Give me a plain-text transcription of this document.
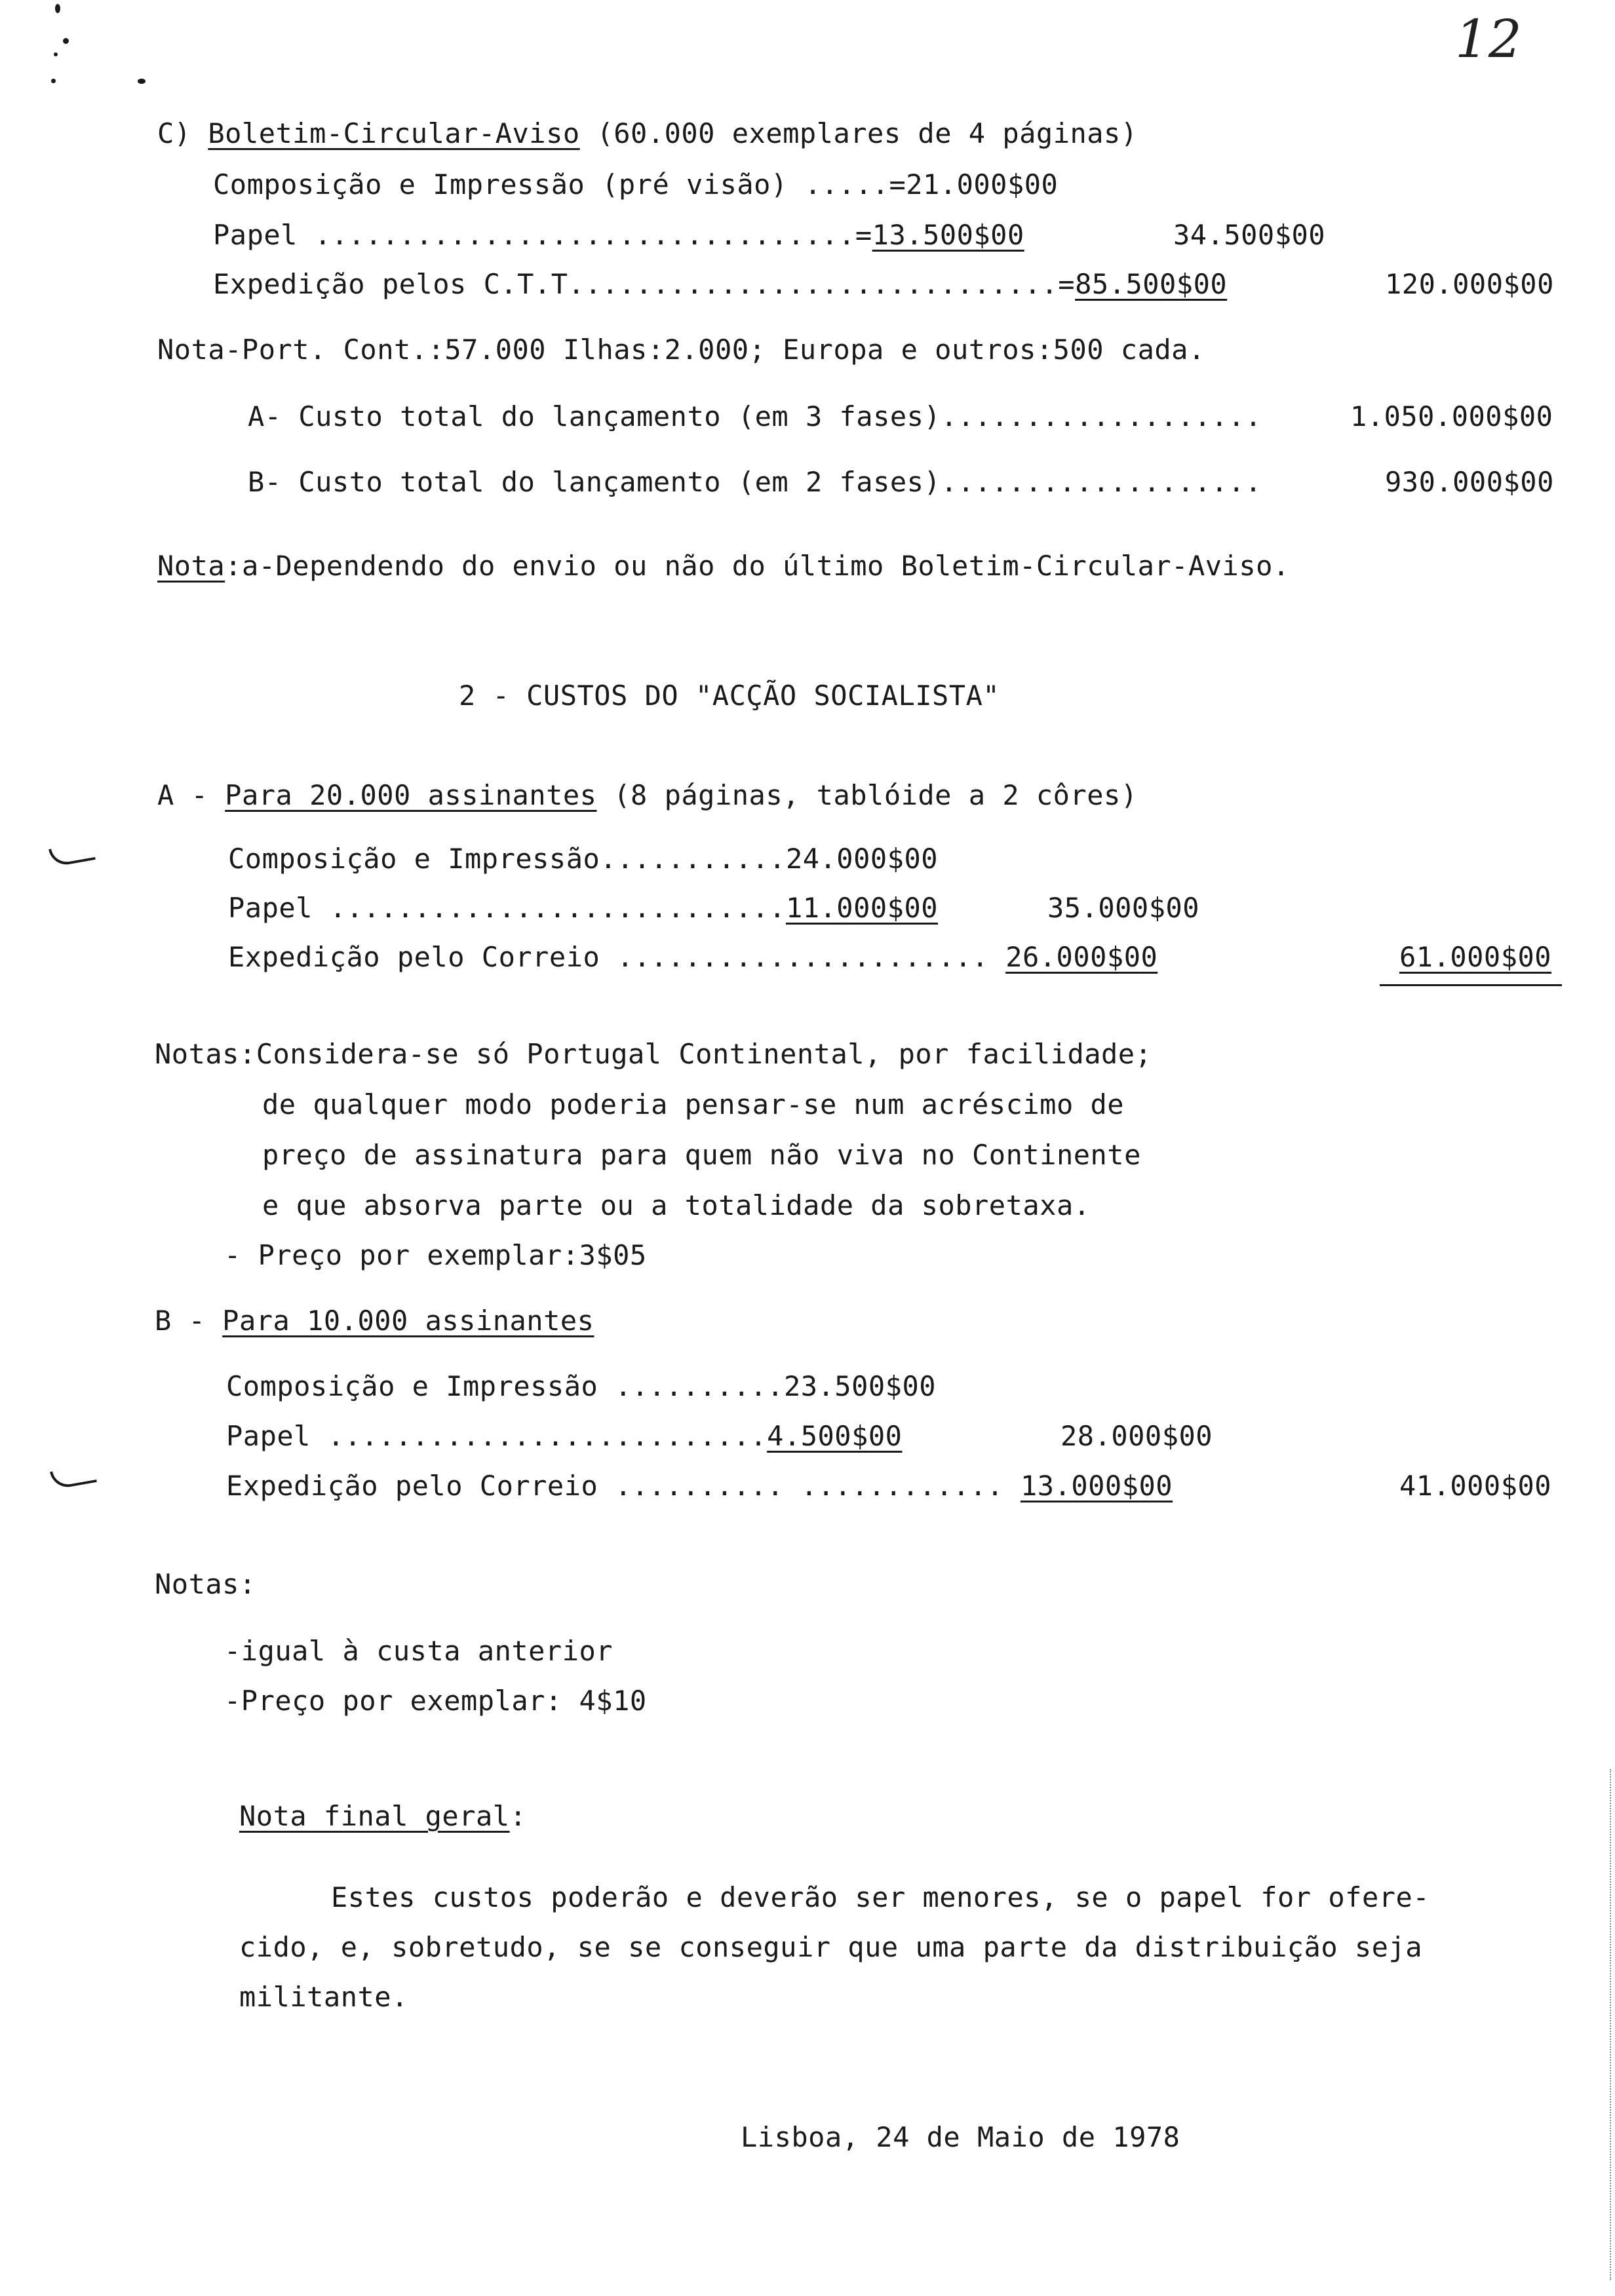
12
C) Boletim-Circular-Aviso (60.000 exemplares de 4 páginas)
Composição e Impressão (pré visão) .....=21.000$00
Papel ................................=13.500$00	34.500$00
Expedição pelos C.T.T.............................=85.500$00	120.000$00
Nota-Port. Cont.:57.000 Ilhas:2.000; Europa e outros:500 cada.
A- Custo total do lançamento (em 3 fases)...................	1.050.000$00
B- Custo total do lançamento (em 2 fases)...................	930.000$00
Nota:a-Dependendo do envio ou não do último Boletim-Circular-Aviso.
2 - CUSTOS DO "ACÇÃO SOCIALISTA"
A - Para 20.000 assinantes (8 páginas, tablóide a 2 côres)
Composição e Impressão...........24.000$00
Papel ...........................11.000$00	35.000$00
Expedição pelo Correio ...................... 26.000$00	61.000$00
Notas:Considera-se só Portugal Continental, por facilidade;
de qualquer modo poderia pensar-se num acréscimo de
preço de assinatura para quem não viva no Continente
e que absorva parte ou a totalidade da sobretaxa.
- Preço por exemplar:3$05
B - Para 10.000 assinantes
Composição e Impressão ..........23.500$00
Papel ..........................4.500$00	28.000$00
Expedição pelo Correio .......... ............ 13.000$00	41.000$00
Notas:
-igual à custa anterior
-Preço por exemplar: 4$10
Nota final geral:
Estes custos poderão e deverão ser menores, se o papel for ofere-
cido, e, sobretudo, se se conseguir que uma parte da distribuição seja
militante.
Lisboa, 24 de Maio de 1978
